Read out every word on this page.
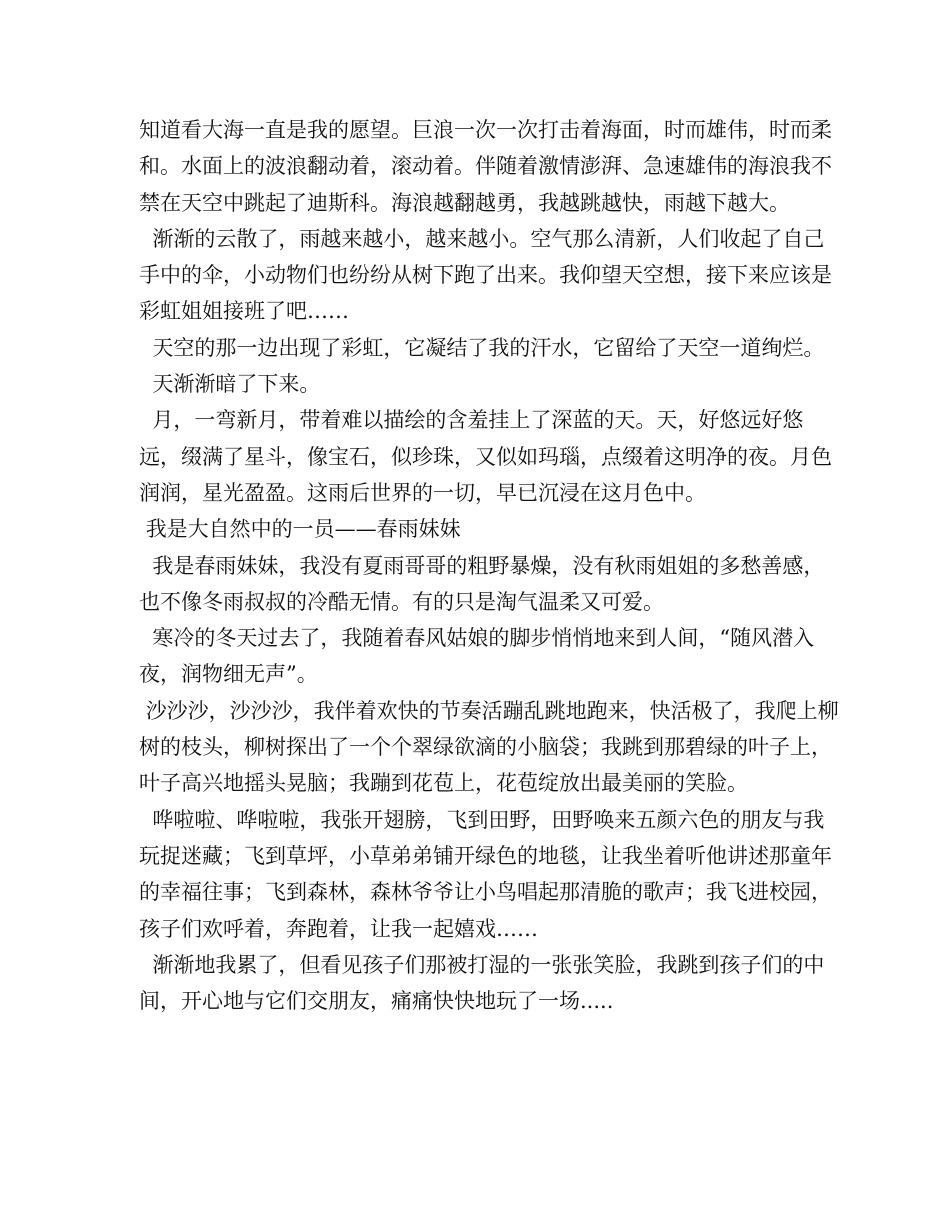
知道看大海一直是我的愿望。巨浪一次一次打击着海面，时而雄伟，时而柔和。水面上的波浪翻动着，滚动着。伴随着激情澎湃、急速雄伟的海浪我不禁在天空中跳起了迪斯科。海浪越翻越勇，我越跳越快，雨越下越大。

渐渐的云散了，雨越来越小，越来越小。空气那么清新，人们收起了自己手中的伞，小动物们也纷纷从树下跑了出来。我仰望天空想，接下来应该是彩虹姐姐接班了吧……

天空的那一边出现了彩虹，它凝结了我的汗水，它留给了天空一道绚烂。

天渐渐暗了下来。

月，一弯新月，带着难以描绘的含羞挂上了深蓝的天。天，好悠远好悠远，缀满了星斗，像宝石，似珍珠，又似如玛瑙，点缀着这明净的夜。月色润润，星光盈盈。这雨后世界的一切，早已沉浸在这月色中。

我是大自然中的一员——春雨妹妹

我是春雨妹妹，我没有夏雨哥哥的粗野暴燥，没有秋雨姐姐的多愁善感，也不像冬雨叔叔的冷酷无情。有的只是淘气温柔又可爱。

寒冷的冬天过去了，我随着春风姑娘的脚步悄悄地来到人间，“随风潜入夜，润物细无声”。

沙沙沙，沙沙沙，我伴着欢快的节奏活蹦乱跳地跑来，快活极了，我爬上柳树的枝头，柳树探出了一个个翠绿欲滴的小脑袋；我跳到那碧绿的叶子上，叶子高兴地摇头晃脑；我蹦到花苞上，花苞绽放出最美丽的笑脸。

哗啦啦、哗啦啦，我张开翅膀，飞到田野，田野唤来五颜六色的朋友与我玩捉迷藏；飞到草坪，小草弟弟铺开绿色的地毯，让我坐着听他讲述那童年的幸福往事；飞到森林，森林爷爷让小鸟唱起那清脆的歌声；我飞进校园，孩子们欢呼着，奔跑着，让我一起嬉戏……

渐渐地我累了，但看见孩子们那被打湿的一张张笑脸，我跳到孩子们的中间，开心地与它们交朋友，痛痛快快地玩了一场.....
